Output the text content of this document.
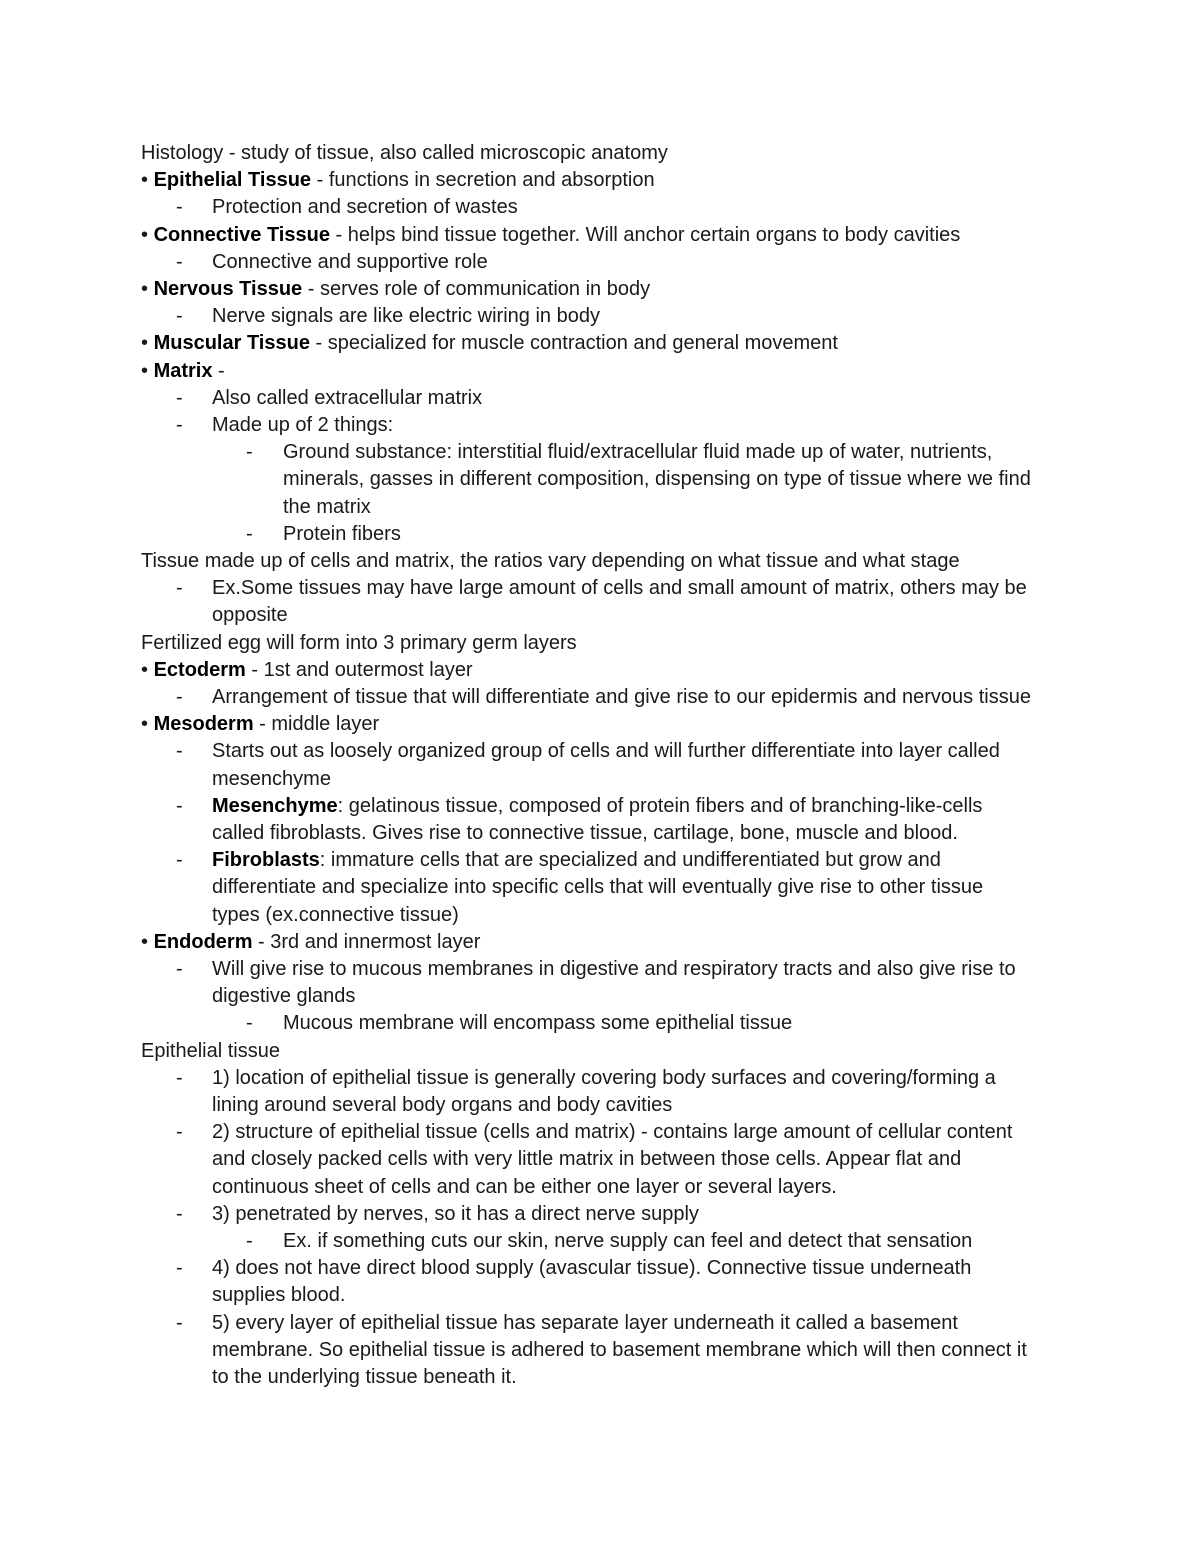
Histology - study of tissue, also called microscopic anatomy
• Epithelial Tissue - functions in secretion and absorption
- Protection and secretion of wastes
• Connective Tissue - helps bind tissue together. Will anchor certain organs to body cavities
- Connective and supportive role
• Nervous Tissue - serves role of communication in body
- Nerve signals are like electric wiring in body
• Muscular Tissue - specialized for muscle contraction and general movement
• Matrix -
- Also called extracellular matrix
- Made up of 2 things:
- Ground substance: interstitial fluid/extracellular fluid made up of water, nutrients,
minerals, gasses in different composition, dispensing on type of tissue where we find
the matrix
- Protein fibers
Tissue made up of cells and matrix, the ratios vary depending on what tissue and what stage
- Ex.Some tissues may have large amount of cells and small amount of matrix, others may be
opposite
Fertilized egg will form into 3 primary germ layers
• Ectoderm - 1st and outermost layer
- Arrangement of tissue that will differentiate and give rise to our epidermis and nervous tissue
• Mesoderm - middle layer
- Starts out as loosely organized group of cells and will further differentiate into layer called
mesenchyme
- Mesenchyme: gelatinous tissue, composed of protein fibers and of branching-like-cells
called fibroblasts. Gives rise to connective tissue, cartilage, bone, muscle and blood.
- Fibroblasts: immature cells that are specialized and undifferentiated but grow and
differentiate and specialize into specific cells that will eventually give rise to other tissue
types (ex.connective tissue)
• Endoderm - 3rd and innermost layer
- Will give rise to mucous membranes in digestive and respiratory tracts and also give rise to
digestive glands
- Mucous membrane will encompass some epithelial tissue
Epithelial tissue
- 1) location of epithelial tissue is generally covering body surfaces and covering/forming a
lining around several body organs and body cavities
- 2) structure of epithelial tissue (cells and matrix) - contains large amount of cellular content
and closely packed cells with very little matrix in between those cells. Appear flat and
continuous sheet of cells and can be either one layer or several layers.
- 3) penetrated by nerves, so it has a direct nerve supply
- Ex. if something cuts our skin, nerve supply can feel and detect that sensation
- 4) does not have direct blood supply (avascular tissue). Connective tissue underneath
supplies blood.
- 5) every layer of epithelial tissue has separate layer underneath it called a basement
membrane. So epithelial tissue is adhered to basement membrane which will then connect it
to the underlying tissue beneath it.
